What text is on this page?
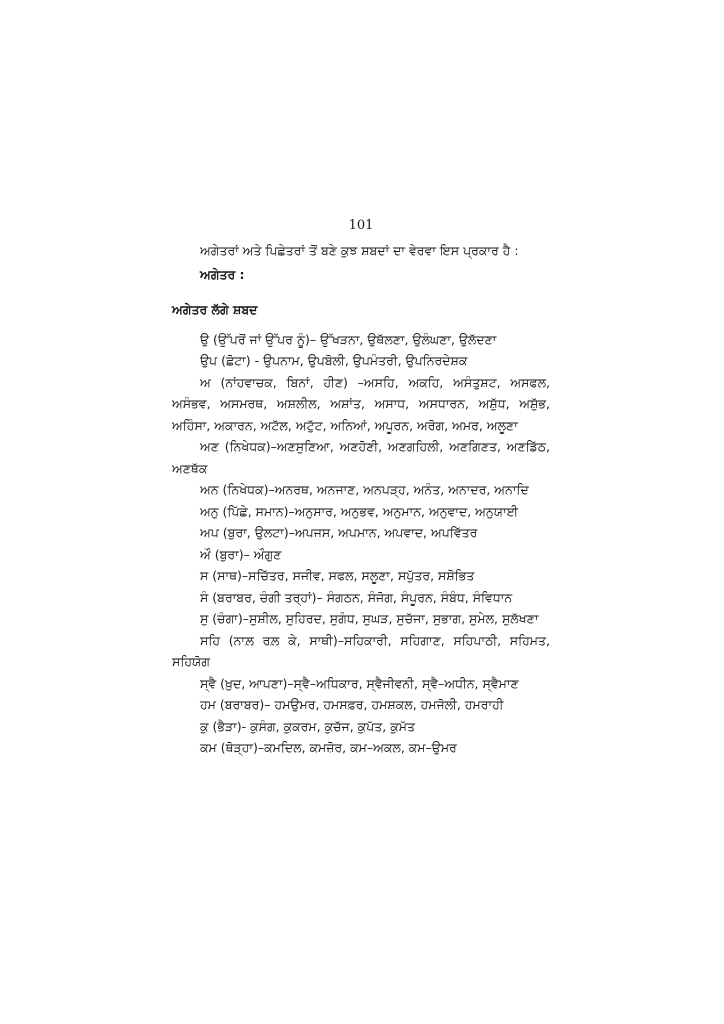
101

ਅਗੇਤਰਾਂ ਅਤੇ ਪਿਛੇਤਰਾਂ ਤੋਂ ਬਣੇ ਕੁਝ ਸ਼ਬਦਾਂ ਦਾ ਵੇਰਵਾ ਇਸ ਪ੍ਰਕਾਰ ਹੈ :

ਅਗੇਤਰ :

ਅਗੇਤਰ ਲੱਗੇ ਸ਼ਬਦ

ਉ (ਉੱਪਰੋਂ ਜਾਂ ਉੱਪਰ ਨੂੰ)– ਉੱਖੜਨਾ, ਉਥੱਲਣਾ, ਉਲੰਘਣਾ, ਉਲੱਦਣਾ

ਉਪ (ਛੋਟਾ) - ਉਪਨਾਮ, ਉਪਬੋਲੀ, ਉਪਮੰਤਰੀ, ਉਪਨਿਰਦੇਸ਼ਕ

ਅ (ਨਾਂਹਵਾਚਕ, ਬਿਨਾਂ, ਹੀਣ) –ਅਸਹਿ, ਅਕਹਿ, ਅਸੰਤੁਸ਼ਟ, ਅਸਫਲ, ਅਸੰਭਵ, ਅਸਮਰਥ, ਅਸ਼ਲੀਲ, ਅਸ਼ਾਂਤ, ਅਸਾਧ, ਅਸਧਾਰਨ, ਅਸ਼ੁੱਧ, ਅਸ਼ੁੱਭ, ਅਹਿੰਸਾ, ਅਕਾਰਨ, ਅਟੱਲ, ਅਟੁੱਟ, ਅਨਿਆਂ, ਅਪੂਰਨ, ਅਰੋਗ, ਅਮਰ, ਅਲੂਣਾ

ਅਣ (ਨਿਖੇਧਕ)–ਅਣਸੁਣਿਆ, ਅਣਹੋਣੀ, ਅਣਗਹਿਲੀ, ਅਣਗਿਣਤ, ਅਣਡਿੱਠ, ਅਣਥੱਕ

ਅਨ (ਨਿਖੇਧਕ)–ਅਨਰਥ, ਅਨਜਾਣ, ਅਨਪੜ੍ਹ, ਅਨੰਤ, ਅਨਾਦਰ, ਅਨਾਦਿ

ਅਨੁ (ਪਿੱਛੇ, ਸਮਾਨ)–ਅਨੁਸਾਰ, ਅਨੁਭਵ, ਅਨੁਮਾਨ, ਅਨੁਵਾਦ, ਅਨੁਯਾਈ

ਅਪ (ਬੁਰਾ, ਉਲਟਾ)–ਅਪਜਸ, ਅਪਮਾਨ, ਅਪਵਾਦ, ਅਪਵਿੱਤਰ

ਔ (ਬੁਰਾ)– ਔਗੁਣ

ਸ (ਸਾਥ)–ਸਚਿੱਤਰ, ਸਜੀਵ, ਸਫਲ, ਸਲੂਣਾ, ਸਪੁੱਤਰ, ਸਸ਼ੋਭਿਤ

ਸੰ (ਬਰਾਬਰ, ਚੰਗੀ ਤਰ੍ਹਾਂ)– ਸੰਗਠਨ, ਸੰਜੋਗ, ਸੰਪੂਰਨ, ਸੰਬੰਧ, ਸੰਵਿਧਾਨ

ਸੁ (ਚੰਗਾ)–ਸੁਸ਼ੀਲ, ਸੁਹਿਰਦ, ਸੁਗੰਧ, ਸੁਘੜ, ਸੁਚੱਜਾ, ਸੁਭਾਗ, ਸੁਮੇਲ, ਸੁਲੱਖਣਾ

ਸਹਿ (ਨਾਲ਼ ਰਲ਼ ਕੇ, ਸਾਥੀ)–ਸਹਿਕਾਰੀ, ਸਹਿਗਾਣ, ਸਹਿਪਾਠੀ, ਸਹਿਮਤ, ਸਹਿਯੋਗ

ਸ੍ਵੈ (ਖ਼ੁਦ, ਆਪਣਾ)–ਸ੍ਵੈ–ਅਧਿਕਾਰ, ਸ੍ਵੈਜੀਵਨੀ, ਸ੍ਵੈ–ਅਧੀਨ, ਸ੍ਵੈਮਾਣ

ਹਮ (ਬਰਾਬਰ)– ਹਮਉਮਰ, ਹਮਸਫ਼ਰ, ਹਮਸ਼ਕਲ, ਹਮਜੋਲੀ, ਹਮਰਾਹੀ

ਕੁ (ਭੈੜਾ)- ਕੁਸੰਗ, ਕੁਕਰਮ, ਕੁਚੱਜ, ਕੁਪੱਤ, ਕੁਮੱਤ

ਕਮ (ਥੋੜ੍ਹਾ)–ਕਮਦਿਲ, ਕਮਜ਼ੋਰ, ਕਮ–ਅਕਲ, ਕਮ–ਉਮਰ
